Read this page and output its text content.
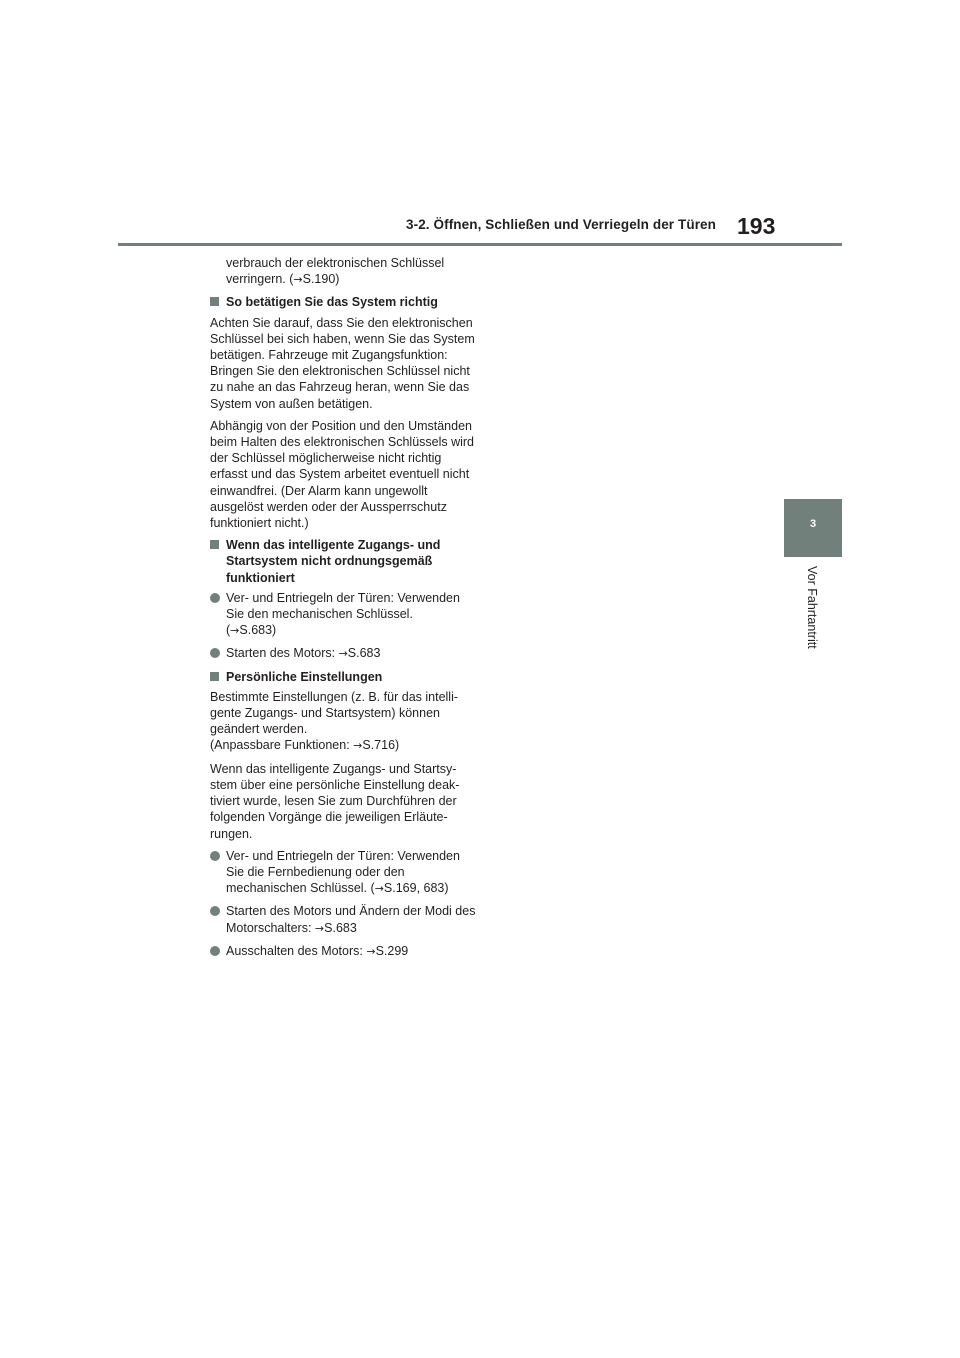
3-2. Öffnen, Schließen und Verriegeln der Türen 193
3
Vor Fahrtantritt

verbrauch der elektronischen Schlüssel
verringern. (→S.190)

So betätigen Sie das System richtig

Achten Sie darauf, dass Sie den elektronischen Schlüssel bei sich haben, wenn Sie das System betätigen. Fahrzeuge mit Zugangsfunktion: Bringen Sie den elektronischen Schlüssel nicht zu nahe an das Fahrzeug heran, wenn Sie das System von außen betätigen.

Abhängig von der Position und den Umständen beim Halten des elektronischen Schlüssels wird der Schlüssel möglicherweise nicht richtig erfasst und das System arbeitet eventuell nicht einwandfrei. (Der Alarm kann ungewollt ausgelöst werden oder der Aussperrschutz funktioniert nicht.)

Wenn das intelligente Zugangs- und Startsystem nicht ordnungsgemäß funktioniert
Ver- und Entriegeln der Türen: Verwenden Sie den mechanischen Schlüssel.
(→S.683)
Starten des Motors: →S.683
Persönliche Einstellungen

Bestimmte Einstellungen (z. B. für das intelligente Zugangs- und Startsystem) können geändert werden.
(Anpassbare Funktionen: →S.716)

Wenn das intelligente Zugangs- und Startsystem über eine persönliche Einstellung deaktiviert wurde, lesen Sie zum Durchführen der folgenden Vorgänge die jeweiligen Erläuterungen.

Ver- und Entriegeln der Türen: Verwenden Sie die Fernbedienung oder den mechanischen Schlüssel. (→S.169, 683)
Starten des Motors und Ändern der Modi des Motorschalters: →S.683
Ausschalten des Motors: →S.299
